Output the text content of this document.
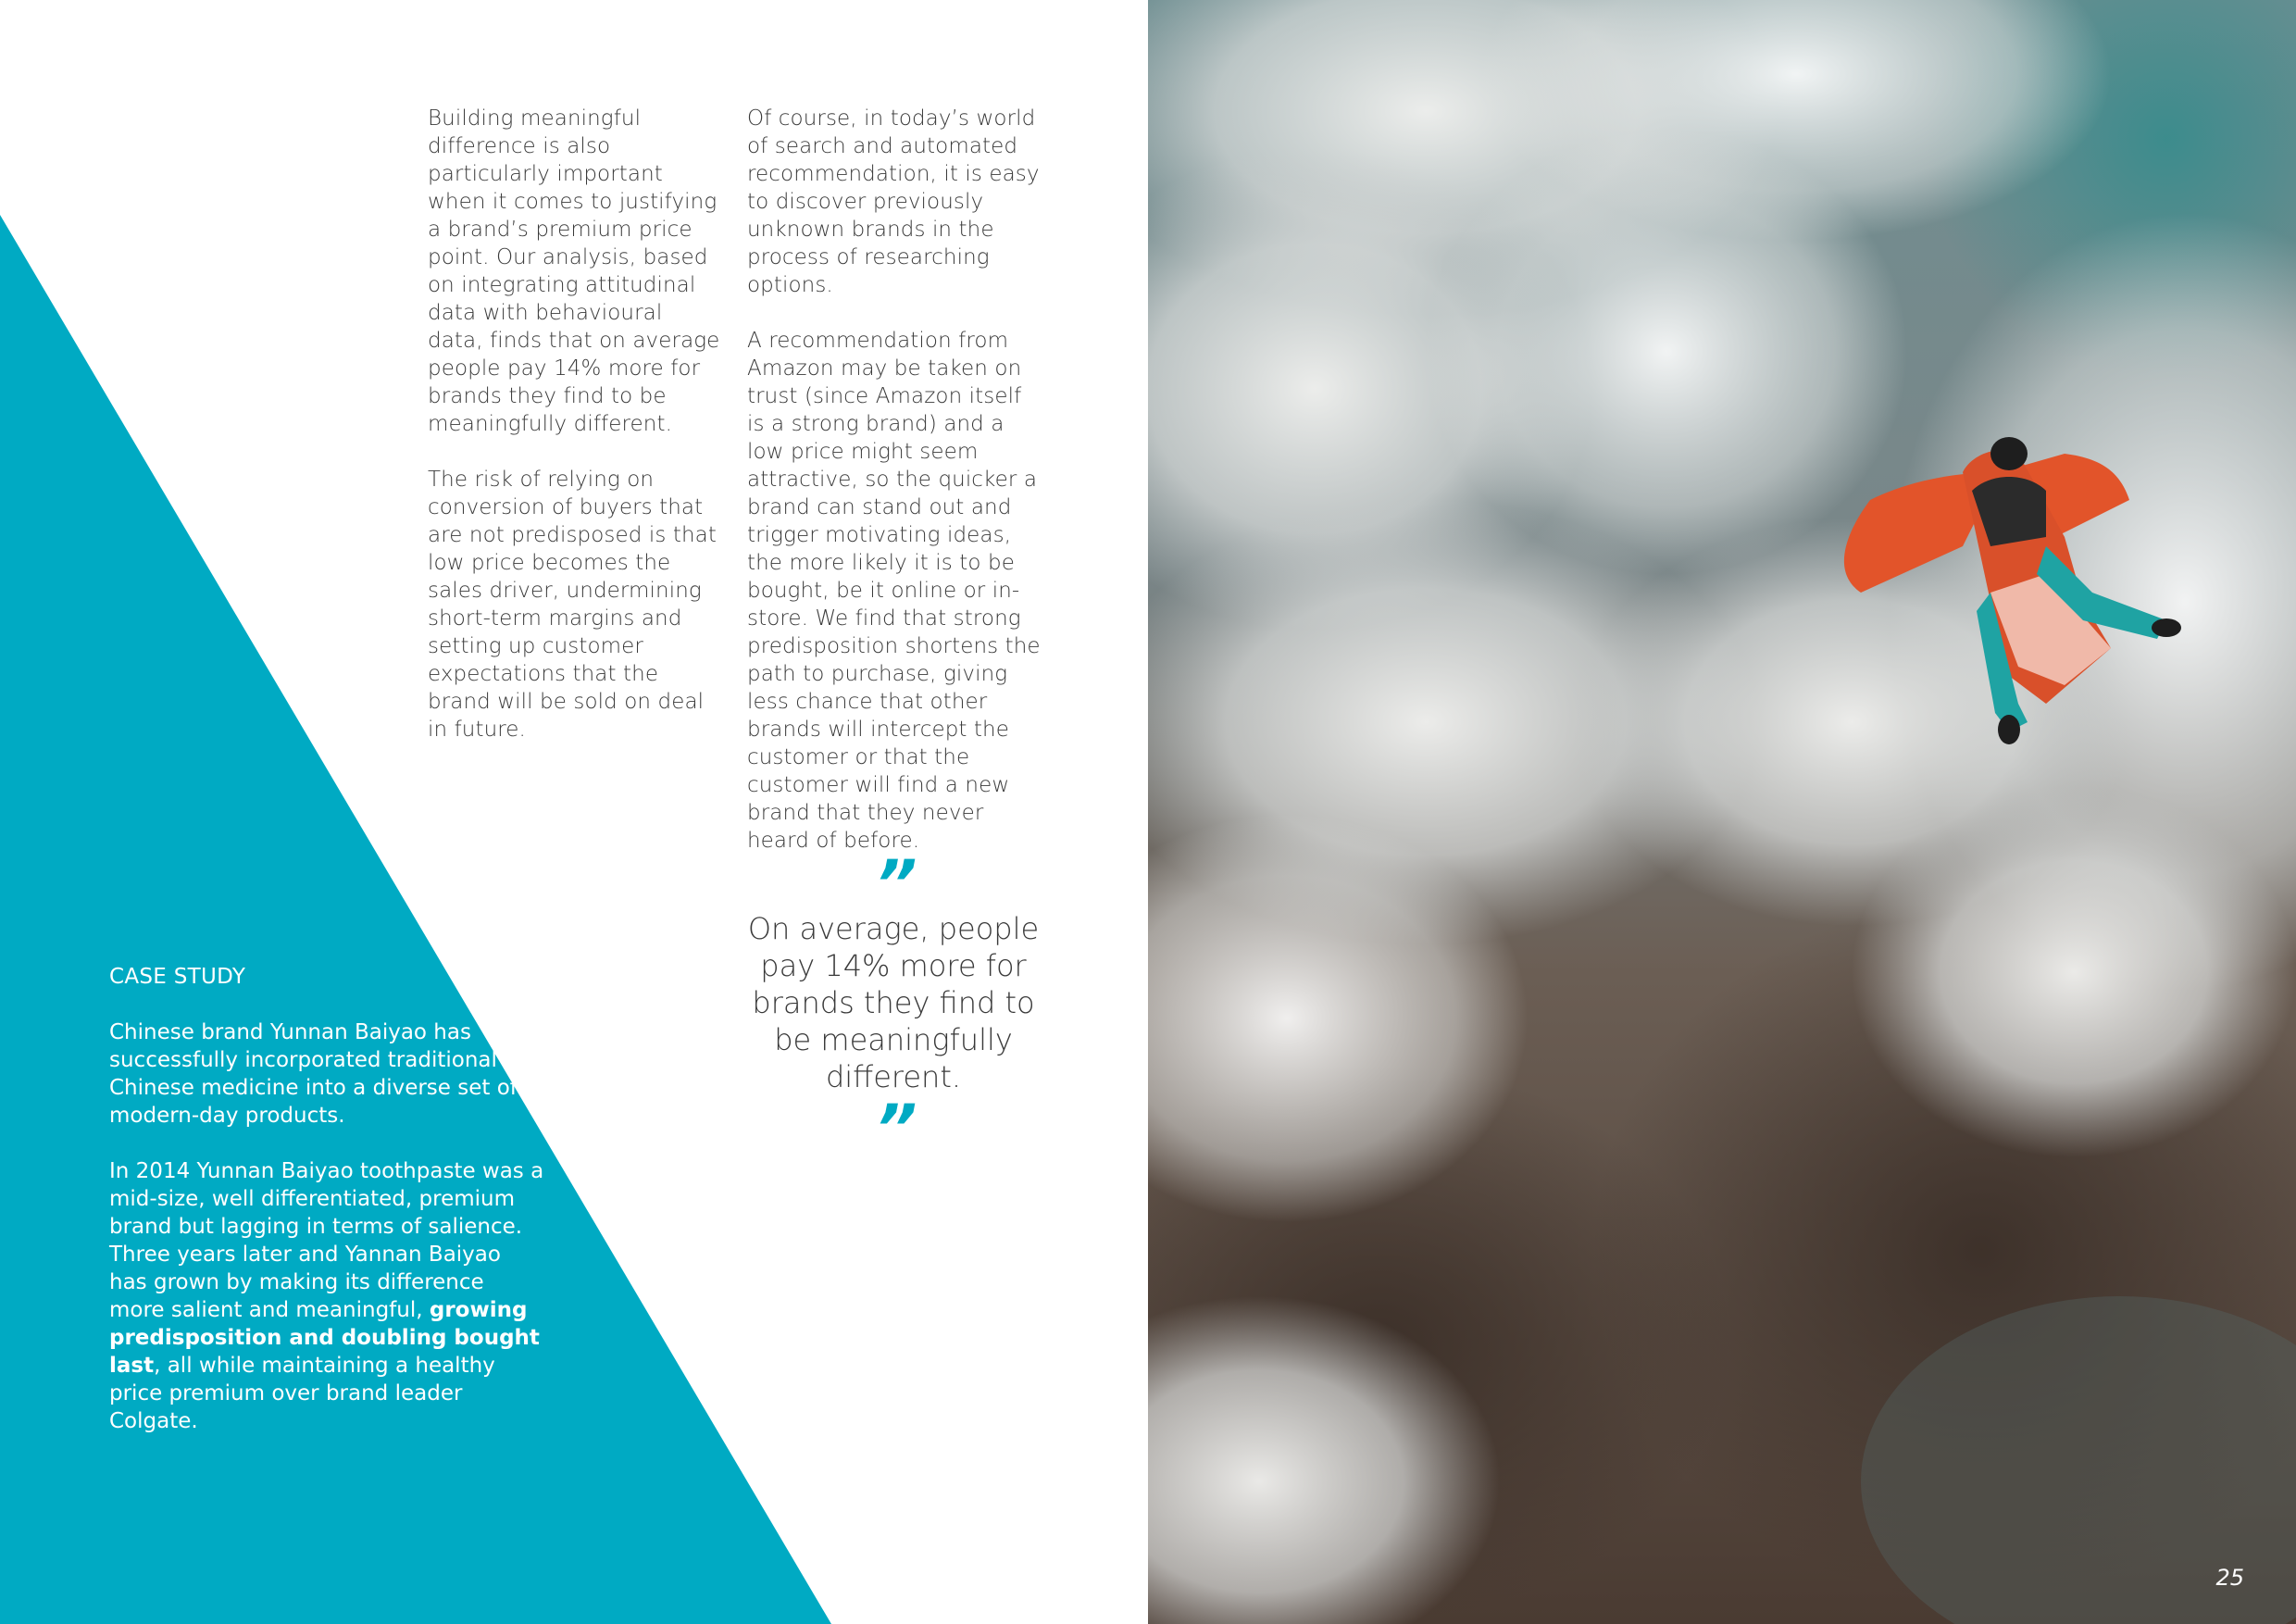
Building meaningful difference is also particularly important when it comes to justifying a brand’s premium price point. Our analysis, based on integrating attitudinal data with behavioural data, finds that on average people pay 14% more for brands they find to be meaningfully different.

The risk of relying on conversion of buyers that are not predisposed is that low price becomes the sales driver, undermining short-term margins and setting up customer expectations that the brand will be sold on deal in future.

Of course, in today’s world of search and automated recommendation, it is easy to discover previously unknown brands in the process of researching options.

A recommendation from Amazon may be taken on trust (since Amazon itself is a strong brand) and a low price might seem attractive, so the quicker a brand can stand out and trigger motivating ideas, the more likely it is to be bought, be it online or in-store. We find that strong predisposition shortens the path to purchase, giving less chance that other brands will intercept the customer or that the customer will find a new brand that they never heard of before.

”
On average, people pay 14% more for brands they find to be meaningfully different.
”
CASE STUDY

Chinese brand Yunnan Baiyao has successfully incorporated traditional Chinese medicine into a diverse set of modern-day products.

In 2014 Yunnan Baiyao toothpaste was a mid-size, well differentiated, premium brand but lagging in terms of salience. Three years later and Yannan Baiyao has grown by making its difference more salient and meaningful, growing predisposition and doubling bought last, all while maintaining a healthy price premium over brand leader Colgate.

25
